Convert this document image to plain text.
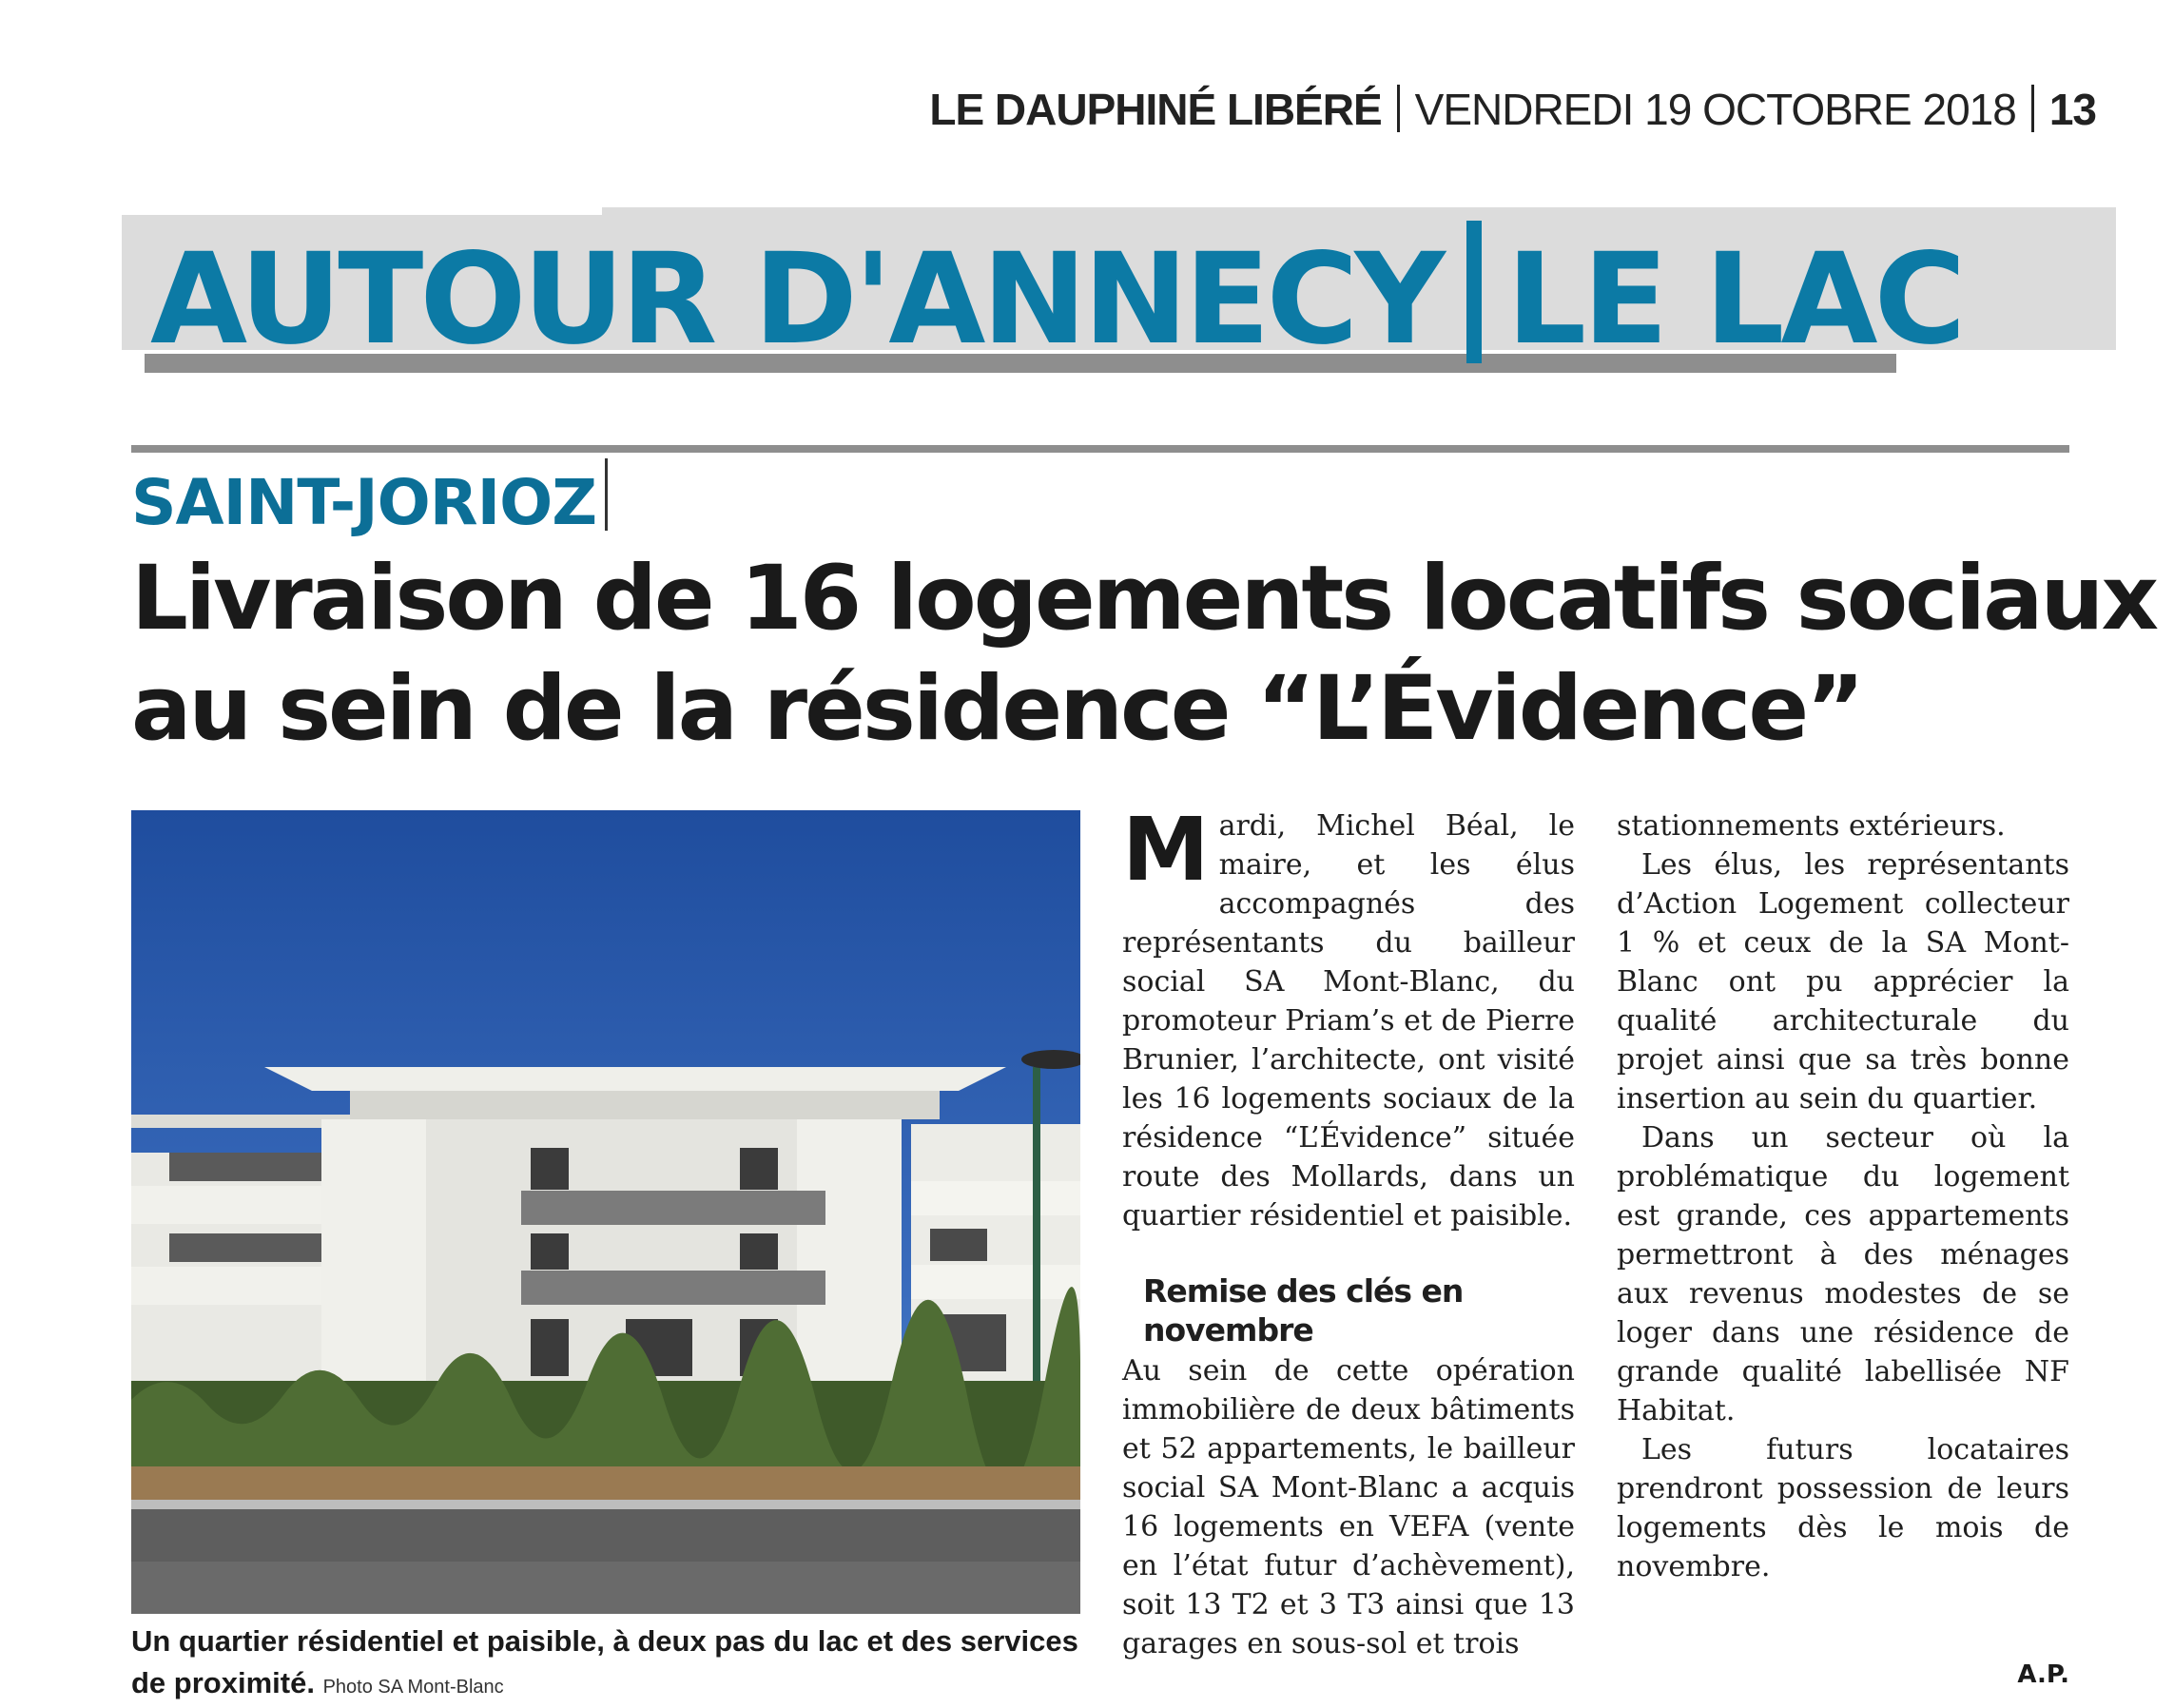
LE DAUPHINÉ LIBÉRÉ VENDREDI 19 OCTOBRE 2018 13
AUTOUR D'ANNECY LE LAC
SAINT-JORIOZ
Livraison de 16 logements locatifs sociaux
au sein de la résidence “L’Évidence”
Un quartier résidentiel et paisible, à deux pas du lac et des services de proximité. Photo SA Mont-Blanc

Mardi, Michel Béal, le maire, et les élus accompagnés des représentants du bailleur social SA Mont-Blanc, du promoteur Priam’s et de Pierre Brunier, l’architecte, ont visité les 16 logements sociaux de la résidence “L’Évidence” située route des Mollards, dans un quartier résidentiel et paisible.

Remise des clés en novembre

Au sein de cette opération immobilière de deux bâtiments et 52 appartements, le bailleur social SA Mont-Blanc a acquis 16 logements en VEFA (vente en l’état futur d’achèvement), soit 13 T2 et 3 T3 ainsi que 13 garages en sous-sol et trois

stationnements extérieurs.

Les élus, les représentants d’Action Logement collecteur 1 % et ceux de la SA Mont-Blanc ont pu apprécier la qualité architecturale du projet ainsi que sa très bonne insertion au sein du quartier.

Dans un secteur où la problématique du logement est grande, ces appartements permettront à des ménages aux revenus modestes de se loger dans une résidence de grande qualité labellisée NF Habitat.

Les futurs locataires prendront possession de leurs logements dès le mois de novembre.

A.P.
